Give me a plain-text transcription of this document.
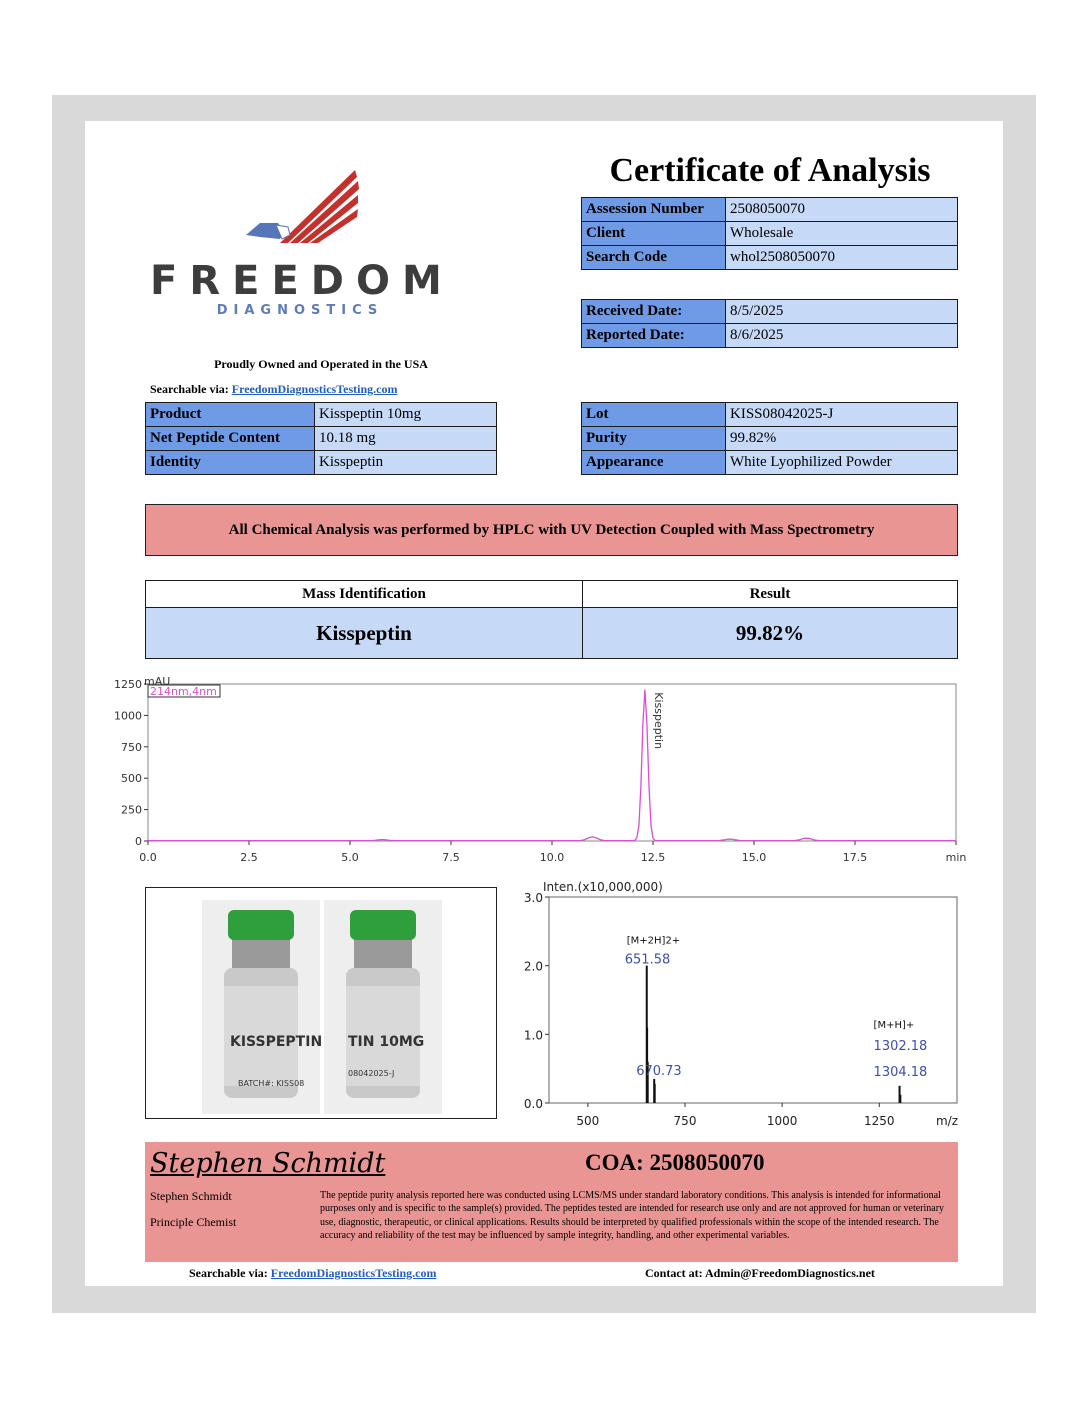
FREEDOM
DIAGNOSTICS
Proudly Owned and Operated in the USA
Searchable via: FreedomDiagnosticsTesting.com
Certificate of Analysis
Assession Number	2508050070
Client	Wholesale
Search Code	whol2508050070
Received Date:	8/5/2025
Reported Date:	8/6/2025
Product	Kisspeptin 10mg
Net Peptide Content	10.18 mg
Identity	Kisspeptin
Lot	KISS08042025-J
Purity	99.82%
Appearance	White Lyophilized Powder
All Chemical Analysis was performed by HPLC with UV Detection Coupled with Mass Spectrometry
Mass Identification	Result
Kisspeptin	99.82%
1250
1000
750
500
250
0
0.0	2.5	5.0	7.5	10.0	12.5	15.0	17.5	min
mAU
214nm,4nm
Kisspeptin
KISSPEPTIN
BATCH#: KISS08
TIN 10MG
08042025-J
Inten.(x10,000,000)
3.0
2.0
1.0
0.0
500	750	1000	1250	m/z
[M+2H]2+
651.58
670.73
[M+H]+
1302.18
1304.18
Stephen Schmidt	COA: 2508050070
Stephen Schmidt
Principle Chemist
The peptide purity analysis reported here was conducted using LCMS/MS under standard laboratory conditions. This analysis is intended for informational purposes only and is specific to the sample(s) provided. The peptides tested are intended for research use only and are not approved for human or veterinary use, diagnostic, therapeutic, or clinical applications. Results should be interpreted by qualified professionals within the scope of the intended research. The accuracy and reliability of the test may be influenced by sample integrity, handling, and other experimental variables.
Searchable via: FreedomDiagnosticsTesting.com	Contact at: Admin@FreedomDiagnostics.net
